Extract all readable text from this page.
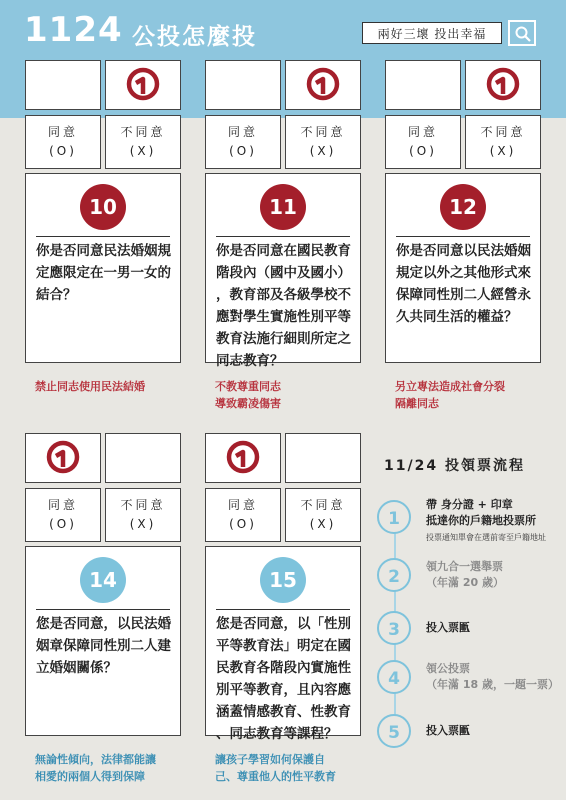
1124 公投怎麼投	兩好三壞 投出幸福
同意
(O)
不同意
(X)
10
你是否同意民法婚姻規
定應限定在一男一女的
結合？
禁止同志使用民法結婚
同意
(O)
不同意
(X)
11
你是否同意在國民教育
階段內（國中及國小）
，教育部及各級學校不
應對學生實施性別平等
教育法施行細則所定之
同志教育？
不教尊重同志
導致霸凌傷害
同意
(O)
不同意
(X)
12
你是否同意以民法婚姻
規定以外之其他形式來
保障同性別二人經營永
久共同生活的權益？
另立專法造成社會分裂
隔離同志
同意
(O)
不同意
(X)
14
您是否同意，以民法婚
姻章保障同性別二人建
立婚姻關係？
無論性傾向，法律都能讓
相愛的兩個人得到保障
同意
(O)
不同意
(X)
15
您是否同意，以「性別
平等教育法」明定在國
民教育各階段內實施性
別平等教育，且內容應
涵蓋情感教育、性教育
、同志教育等課程？
讓孩子學習如何保護自
己、尊重他人的性平教育
11/24 投領票流程
1
帶 身分證 + 印章
抵達你的戶籍地投票所
投票通知單會在選前寄至戶籍地址
2
領九合一選舉票
（年滿 20 歲）
3	投入票匭
4
領公投票
（年滿 18 歲，一題一票）
5	投入票匭
